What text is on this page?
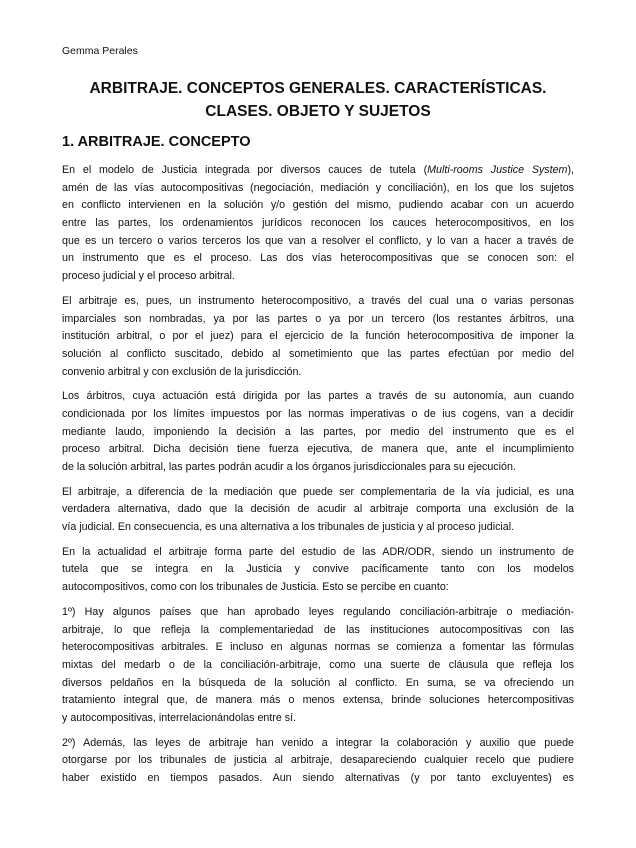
Gemma Perales
ARBITRAJE. CONCEPTOS GENERALES. CARACTERÍSTICAS.
CLASES. OBJETO Y SUJETOS
1. ARBITRAJE. CONCEPTO
En el modelo de Justicia integrada por diversos cauces de tutela (Multi-rooms Justice System),
amén de las vías autocompositivas (negociación, mediación y conciliación), en los que los sujetos
en conflicto intervienen en la solución y/o gestión del mismo, pudiendo acabar con un acuerdo
entre las partes, los ordenamientos jurídicos reconocen los cauces heterocompositivos, en los
que es un tercero o varios terceros los que van a resolver el conflicto, y lo van a hacer a través de
un instrumento que es el proceso. Las dos vías heterocompositivas que se conocen son: el
proceso judicial y el proceso arbitral.
El arbitraje es, pues, un instrumento heterocompositivo, a través del cual una o varias personas
imparciales son nombradas, ya por las partes o ya por un tercero (los restantes árbitros, una
institución arbitral, o por el juez) para el ejercicio de la función heterocompositiva de imponer la
solución al conflicto suscitado, debido al sometimiento que las partes efectúan por medio del
convenio arbitral y con exclusión de la jurisdicción.
Los árbitros, cuya actuación está dirigida por las partes a través de su autonomía, aun cuando
condicionada por los límites impuestos por las normas imperativas o de ius cogens, van a decidir
mediante laudo, imponiendo la decisión a las partes, por medio del instrumento que es el
proceso arbitral. Dicha decisión tiene fuerza ejecutiva, de manera que, ante el incumplimiento
de la solución arbitral, las partes podrán acudir a los órganos jurisdiccionales para su ejecución.
El arbitraje, a diferencia de la mediación que puede ser complementaria de la vía judicial, es una
verdadera alternativa, dado que la decisión de acudir al arbitraje comporta una exclusión de la
vía judicial. En consecuencia, es una alternativa a los tribunales de justicia y al proceso judicial.
En la actualidad el arbitraje forma parte del estudio de las ADR/ODR, siendo un instrumento de
tutela que se integra en la Justicia y convive pacíficamente tanto con los modelos
autocompositivos, como con los tribunales de Justicia. Esto se percibe en cuanto:
1º) Hay algunos países que han aprobado leyes regulando conciliación-arbitraje o mediación-
arbitraje, lo que refleja la complementariedad de las instituciones autocompositivas con las
heterocompositivas arbitrales. E incluso en algunas normas se comienza a fomentar las fórmulas
mixtas del medarb o de la conciliación-arbitraje, como una suerte de cláusula que refleja los
diversos peldaños en la búsqueda de la solución al conflicto. En suma, se va ofreciendo un
tratamiento integral que, de manera más o menos extensa, brinde soluciones hetercompositivas
y autocompositivas, interrelacionándolas entre sí.
2º) Además, las leyes de arbitraje han venido a integrar la colaboración y auxilio que puede
otorgarse por los tribunales de justicia al arbitraje, desapareciendo cualquier recelo que pudiere
haber existido en tiempos pasados. Aun siendo alternativas (y por tanto excluyentes) es
